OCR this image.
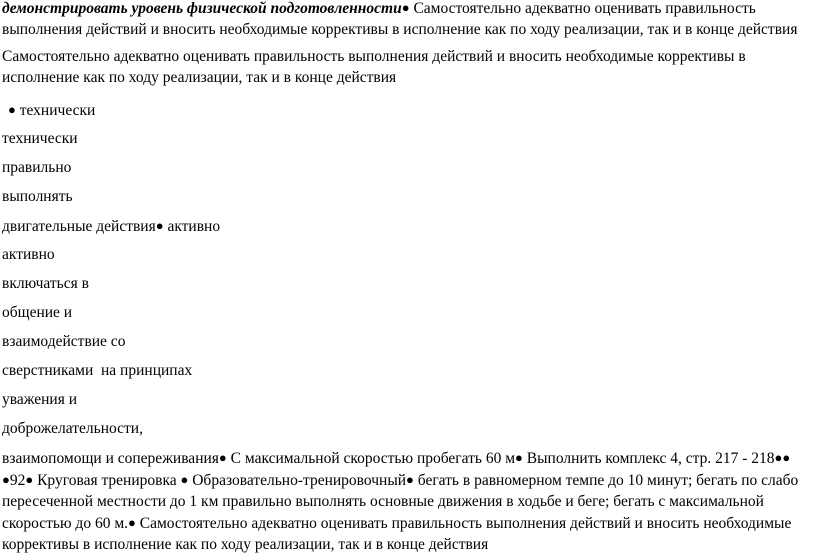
демонстрировать уровень физической подготовленности● Самостоятельно адекватно оценивать правильность выполнения действий и вносить необходимые коррективы в исполнение как по ходу реализации, так и в конце действия

Самостоятельно адекватно оценивать правильность выполнения действий и вносить необходимые коррективы в исполнение как по ходу реализации, так и в конце действия

● технически
технически
правильно
выполнять
двигательные действия● активно
активно
включаться в
общение и
взаимодействие со
сверстниками  на принципах
уважения и
доброжелательности,

взаимопомощи и сопереживания● С максимальной скоростью пробегать 60 м● Выполнить комплекс 4, стр. 217 - 218●● ●92● Круговая тренировка ● Образовательно-тренировочный● бегать в равномерном темпе до 10 минут; бегать по слабо пересеченной местности до 1 км правильно выполнять основные движения в ходьбе и беге; бегать с максимальной скоростью до 60 м.● Самостоятельно адекватно оценивать правильность выполнения действий и вносить необходимые коррективы в исполнение как по ходу реализации, так и в конце действия
